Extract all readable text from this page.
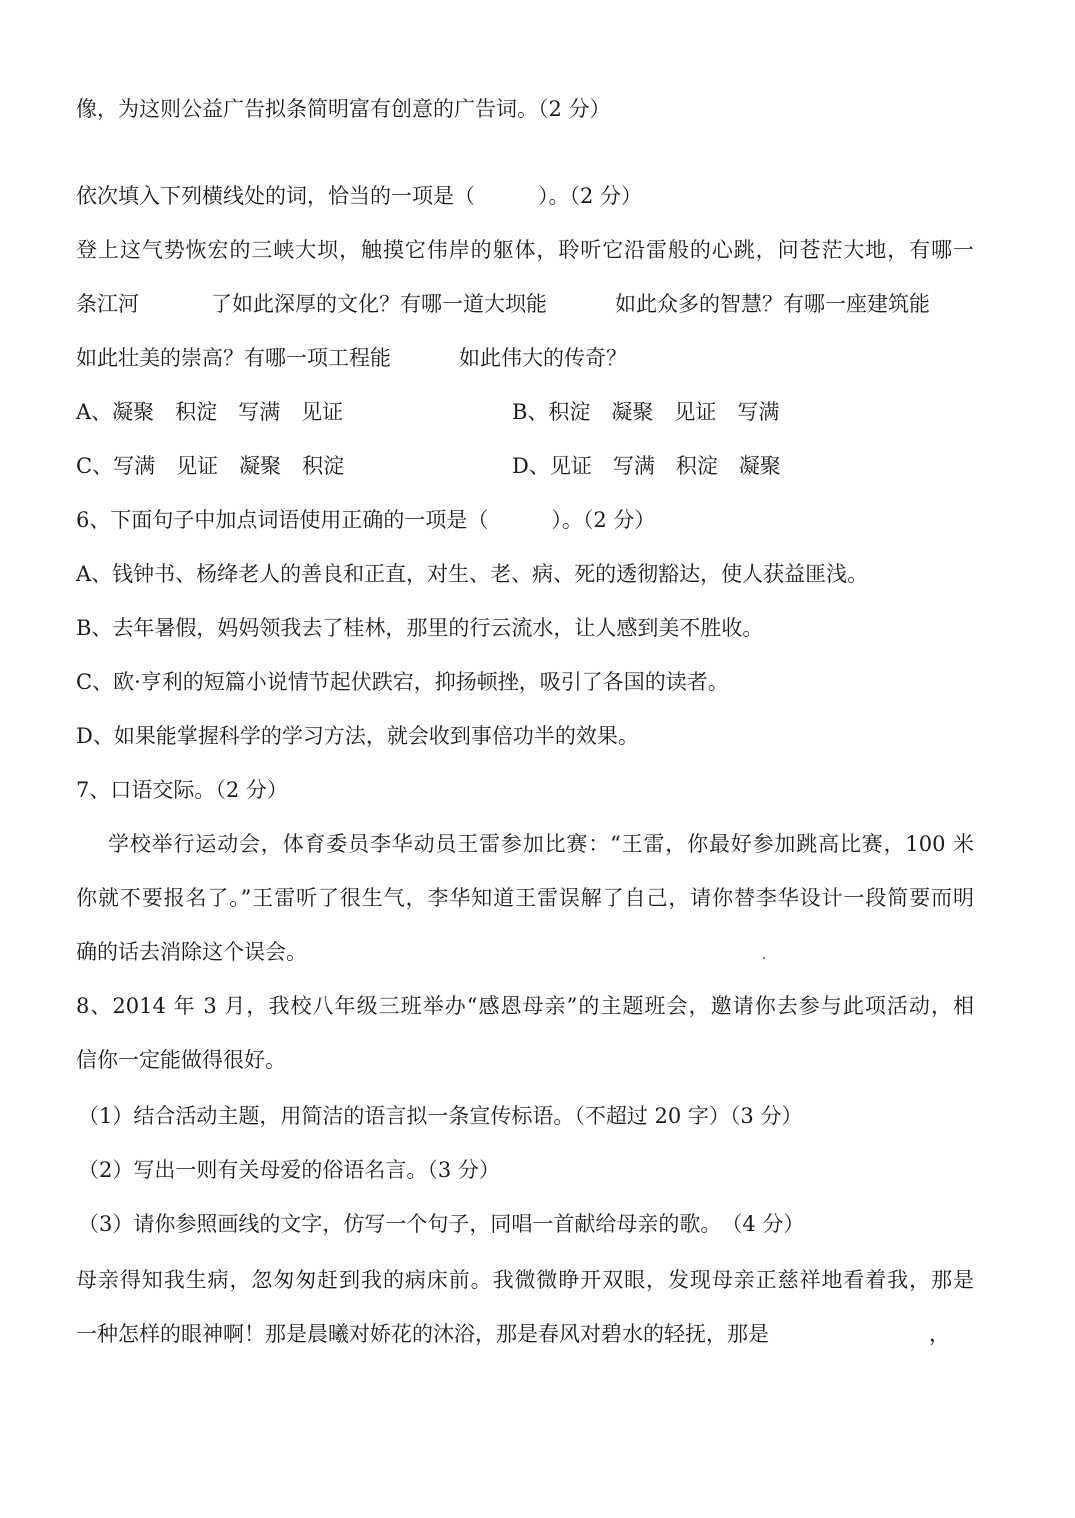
像，为这则公益广告拟条简明富有创意的广告词。（2 分）
依次填入下列横线处的词，恰当的一项是（　　　）。（2 分）
登上这气势恢宏的三峡大坝，触摸它伟岸的躯体，聆听它沿雷般的心跳，问苍茫大地，有哪一
条江河	了如此深厚的文化？有哪一道大坝能	如此众多的智慧？有哪一座建筑能
如此壮美的崇高？有哪一项工程能	如此伟大的传奇？
A、凝聚　积淀　写满　见证	B、积淀　凝聚　见证　写满
C、写满　见证　凝聚　积淀	D、见证　写满　积淀　凝聚
6、下面句子中加点词语使用正确的一项是（　　　）。（2 分）
A、钱钟书、杨绛老人的善良和正直，对生、老、病、死的透彻豁达，使人获益匪浅。
B、去年暑假，妈妈领我去了桂林，那里的行云流水，让人感到美不胜收。
C、欧·亨利的短篇小说情节起伏跌宕，抑扬顿挫，吸引了各国的读者。
D、如果能掌握科学的学习方法，就会收到事倍功半的效果。
7、口语交际。（2 分）
学校举行运动会，体育委员李华动员王雷参加比赛：“王雷，你最好参加跳高比赛，100 米
你就不要报名了。”王雷听了很生气，李华知道王雷误解了自己，请你替李华设计一段简要而明
确的话去消除这个误会。
8、2014 年 3 月，我校八年级三班举办“感恩母亲”的主题班会，邀请你去参与此项活动，相
信你一定能做得很好。
（1）结合活动主题，用简洁的语言拟一条宣传标语。（不超过 20 字）（3 分）
（2）写出一则有关母爱的俗语名言。（3 分）
（3）请你参照画线的文字，仿写一个句子，同唱一首献给母亲的歌。　（4 分）
母亲得知我生病，忽匆匆赶到我的病床前。我微微睁开双眼，发现母亲正慈祥地看着我，那是
一种怎样的眼神啊！那是晨曦对娇花的沐浴，那是春风对碧水的轻抚，那是	，
